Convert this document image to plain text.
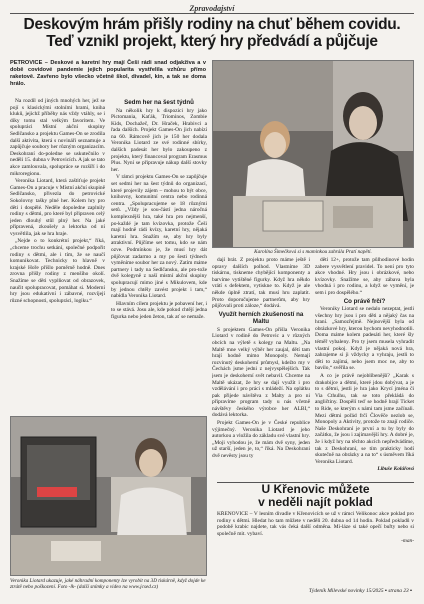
Zpravodajství
Deskovým hrám přišly rodiny na chuť během covidu.
Teď vznikl projekt, který hry předvádí a půjčuje
PETROVICE – Deskové a karetní hry mají Češi rádi snad odjakživa a v době covidové pandemie jejich popularita vystřelila vzhůru přímo raketově. Zavřeno bylo všecko včetně škol, divadel, kin, a tak se doma hrálo.

Na rozdíl od jiných mnohých her, jež se pojí s klasickými stolními hrami, kniha kluků, jejichž příběhy nás vždy vtáhly, se i díky tomu stal velkým favoritem. Ve spolupráci Místní akční skupiny Sedlčansko a projektu Games-On se zrodila další aktivita, která s novináři seznamuje a zapůjčuje soubory her různým organizacím. Deskohraní do-poledne se uskutečnilo v neděli 15. dubna v Petrovicích. A jak se tato akce zamlouvala, spolupráce se rozšíří i do mikroregionu.

Veronika Liotard, která zaštiťuje projekt Games-On a pracuje v Místní akční skupině Sedlčansko, přivezla do petrovické Sokolovny tašky plné her. Kolem hry pro děti i dospělé. Neděle dopoledne zaplnily rodiny s dětmi, pro které byl připraven celý jeden dlouhý stůl plný her. Na jaké připravená, zkoušely a lektorka od ní vysvětlila, jak se hra hraje.

„Nejde o to konkrétní projekt,“ říká, „chceme trochu setkání, společné podpořit rodiny s dětmi, ale i tím, že se naučí komunikovat. Technicky to hlavně v krajské Hoře přišlo poměrně hodně. Dnes zrovna přišly rodiny z menšího okolí. Snažíme se děti vyplňovat od obrazovek, naučit spolupracovat, pomáhat si. Moderní hry jsou edukativní i zábavné, rozvíjejí různé schopnosti, spolupráci, logiku.“

Sedm her na šest týdnů

Na několik hry k dispozici hry jako Pictomania, Kaťák, Triominos, Zombie Kids, Dochažeč, Dr. Hraček, Hrabivci a řada dalších. Projekt Games-On jich nabízí na 60. Rámcově jich je 150 her dodala Veronika Liotard ze své rodinné sbírky, dalších padesát her bylo zakoupeno z projektu, který financoval program Erasmus Plus. Nyní se připravuje nákup další stovky her.

V rámci projektu Games-On se zapůjčuje set sedmi her na šest týdnů do organizací, které projevily zájem – mohou to být obce, knihovny, komunitní centra nebo rodinná centra. „Spolupracujeme se 18 různými setů. „Vždy je sou-částí jedna náročná komplexnější hra, také hra pro nejmenší, po-každé je tam kvízovka, protože Češi mají hodně rádi kvízy, karetní hry, nějaká karetní hra. Snažím se, aby hry byly atraktivní. Půjčíme set tomu, kdo se nám ozve. Podmínkou je, že musí hry dát půjčovat zadarmo a my po šesti týdnech vyměníme soubor her za nový. Zatím máme partnery i tady na Sedlčansku, ale pro-tože dvě kolegyně z naší místní akční skupiny spolupracují mimo jiné s Mikulovem, kde by jednou chtěly zavést projekt i tam,“ nabídla Veronika Liotard.

Hlavním cílem projektu je pobavení her, i to se stává. Josu ale, kde pokud chtějí jedna figurka nebo jeden žeton, tak ať se nemaže.

Karolína Šimečková si s maminkou zahrála Pratí napětí.

dají brát. Z projektu proto máme ještě i opravy dalších polhod. Vlastníme 3D tiskárnu, tiskneme chybějící komponenty a barvíme vytištěné figurky. Když hra někdo vrátí s defektem, vytiskne to. Když je ale někde úplně ztratí, tak musí hru zaplatit. Proto doporučujeme partnerům, aby hry půjčovali proti záloze,“ dodává.

Využít herních zkušeností na Maltu

S projektem Games-On přišla Veronika Liotard v rodině do Petrovic a v různých obcích na výletě s kolegy na Maltu. „Na Maltě mne velký výběr her zaujal, dětí tam hrají hodně mimo Monopoly. Nemají rozvinutý deskoherní průmysl, kdežto my v Čechách jsme jedni z nejvyspělejších. Tak jsem je deskoherní svět nebavil. Chceme na Maltě ukázat, že hry se dají využít i pro vzdělávání i pro práci s mládeží. Na oplátku pak přijede návštěva z Malty a pro ni připravíme program tady u nás včetně návštěvy českého výrobce her ALBI,“ dodává lektorka.

Projekt Games-On je v České republice výjimečný. Veronika Liotard je jeho autorkou a vložila do základu své vlastní hry. „Moji vyhodou je, že mám dvě syny, jeden už starší, jeden je, to,“ říká. Na Deskohraní dvě nevěsty jsou ty

děti 12+, protože tam půlhodinové hodin zabere vysvětlení pravidel. To není pro tyto akce vhodné. Hry jsou i obrázkové, nebo kvízovky. Snažíme se, aby zábava byla vhodná i pro rodinu, a když se vymění, je sem i pro dospělého.“

Co právě frčí?

Veroniky Liotard se nedalo nezeptat, jestli všechny hry jsou i pro děti a nějaký čas na hraní. „Samozřejmě. Nejnovější byla od obrázkové hry, kterou bychom nevyhodnotili. Doma máme kolem padesáti her, které šly téměř vybaleny. Pro ty jsem musela vyhradit vlastní pokoj. Když je nějaká nová hra, zahrajeme si ji vždycky a vyhraju, jestli to děti to zajímá, nebo jsem moc ne, aby to bavilo,“ svěřila se.

A co je právě nejoblíbenější? „Karak s drakobijce a dětmi, které jdou dobývat, a je to s dětmi, jestli je hra jako Krycí jména či Via Cthulhu, tak se toto překládá do angličtiny. Dospělí teď se hodně hrají Ticket to Ride, se kterým s námi tam jsme začínali. Mezi dětmi pořád frčí Člověče nezlob se, Monopoly a Aktivity, protože to znají rodiče. Naše Deskohraní je první a tu by byly do začátku, že jsou i zajímavější hry. A dobré je, že i když hry na těchto akcích nepředvádíme, tak z Deskohraní, se tím prakticky hodí skutečně na obrázky a na to“ s úsměvem říká Veronika Liotard.

Libuše Kolářová
Veronika Liotard ukazuje, jaké náhradní komponenty lze vyrobit na 3D tiskárně, když dojde ke ztrátě nebo poškození. Foto -lk- (další snímky a video na www.jcsed.cz)
U Křenovic můžete
v neděli najít poklad

KŘENOVICE – V lesním divadle v Křenovicích se už v rámci Velikonoc akce poklad pro rodiny s dětmi. Hledat ho tam můžete v neděli 20. dubna od 14 hodin. Poklad pokladů v podobě krabic najdete, tak vás čeká další odměna. Mi-láze si také opečí buřty nebo si společně mit. vybaví.

-man-
Týdeník Milevské novinky 15/2025 ▪ strana 23 ▪
